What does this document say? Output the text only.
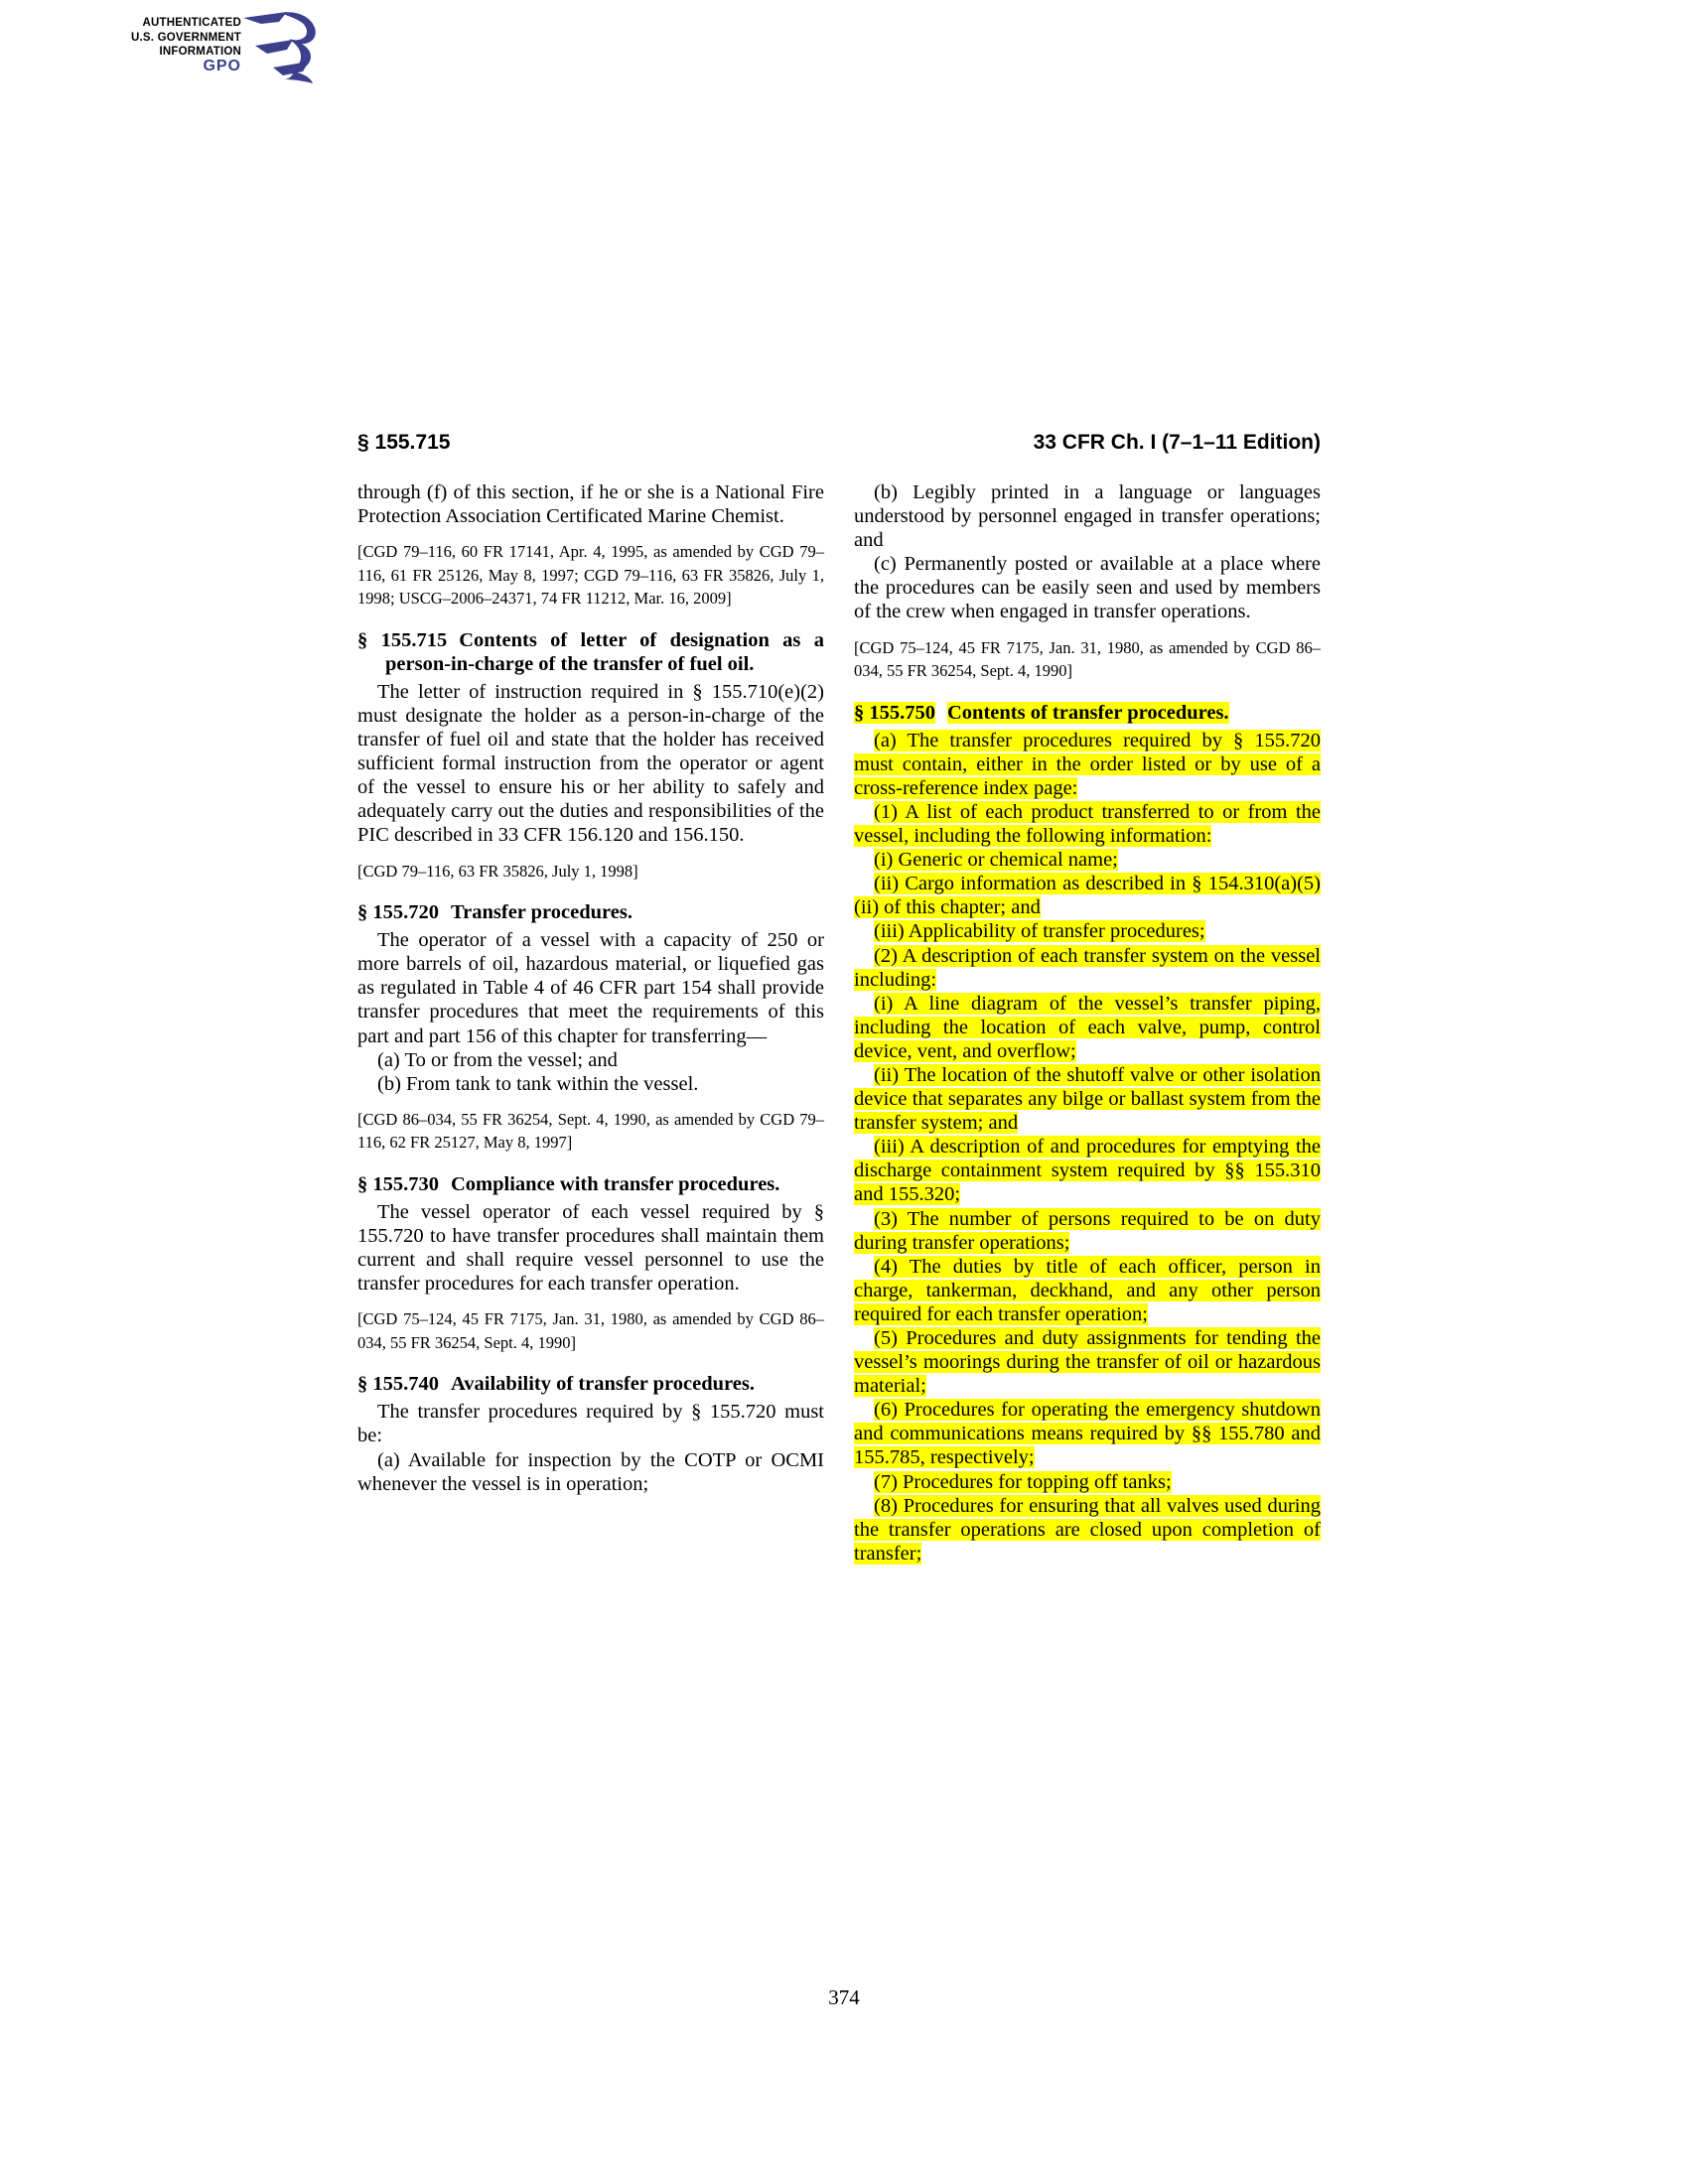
AUTHENTICATED
U.S. GOVERNMENT
INFORMATION
GPO
§ 155.715	33 CFR Ch. I (7–1–11 Edition)

through (f) of this section, if he or she is a National Fire Protection Association Certificated Marine Chemist.

[CGD 79–116, 60 FR 17141, Apr. 4, 1995, as amended by CGD 79–116, 61 FR 25126, May 8, 1997; CGD 79–116, 63 FR 35826, July 1, 1998; USCG–2006–24371, 74 FR 11212, Mar. 16, 2009]

§ 155.715 Contents of letter of designation as a person-in-charge of the transfer of fuel oil.

The letter of instruction required in § 155.710(e)(2) must designate the holder as a person-in-charge of the transfer of fuel oil and state that the holder has received sufficient formal instruction from the operator or agent of the vessel to ensure his or her ability to safely and adequately carry out the duties and responsibilities of the PIC described in 33 CFR 156.120 and 156.150.

[CGD 79–116, 63 FR 35826, July 1, 1998]

§ 155.720 Transfer procedures.

The operator of a vessel with a capacity of 250 or more barrels of oil, hazardous material, or liquefied gas as regulated in Table 4 of 46 CFR part 154 shall provide transfer procedures that meet the requirements of this part and part 156 of this chapter for transferring—

(a) To or from the vessel; and

(b) From tank to tank within the vessel.

[CGD 86–034, 55 FR 36254, Sept. 4, 1990, as amended by CGD 79–116, 62 FR 25127, May 8, 1997]

§ 155.730 Compliance with transfer procedures.

The vessel operator of each vessel required by § 155.720 to have transfer procedures shall maintain them current and shall require vessel personnel to use the transfer procedures for each transfer operation.

[CGD 75–124, 45 FR 7175, Jan. 31, 1980, as amended by CGD 86–034, 55 FR 36254, Sept. 4, 1990]

§ 155.740 Availability of transfer procedures.

The transfer procedures required by § 155.720 must be:

(a) Available for inspection by the COTP or OCMI whenever the vessel is in operation;

(b) Legibly printed in a language or languages understood by personnel engaged in transfer operations; and

(c) Permanently posted or available at a place where the procedures can be easily seen and used by members of the crew when engaged in transfer operations.

[CGD 75–124, 45 FR 7175, Jan. 31, 1980, as amended by CGD 86–034, 55 FR 36254, Sept. 4, 1990]

§ 155.750 Contents of transfer procedures.

(a) The transfer procedures required by § 155.720 must contain, either in the order listed or by use of a cross-reference index page:

(1) A list of each product transferred to or from the vessel, including the following information:

(i) Generic or chemical name;

(ii) Cargo information as described in § 154.310(a)(5)(ii) of this chapter; and

(iii) Applicability of transfer procedures;

(2) A description of each transfer system on the vessel including:

(i) A line diagram of the vessel’s transfer piping, including the location of each valve, pump, control device, vent, and overflow;

(ii) The location of the shutoff valve or other isolation device that separates any bilge or ballast system from the transfer system; and

(iii) A description of and procedures for emptying the discharge containment system required by §§ 155.310 and 155.320;

(3) The number of persons required to be on duty during transfer operations;

(4) The duties by title of each officer, person in charge, tankerman, deckhand, and any other person required for each transfer operation;

(5) Procedures and duty assignments for tending the vessel’s moorings during the transfer of oil or hazardous material;

(6) Procedures for operating the emergency shutdown and communications means required by §§ 155.780 and 155.785, respectively;

(7) Procedures for topping off tanks;

(8) Procedures for ensuring that all valves used during the transfer operations are closed upon completion of transfer;

374
